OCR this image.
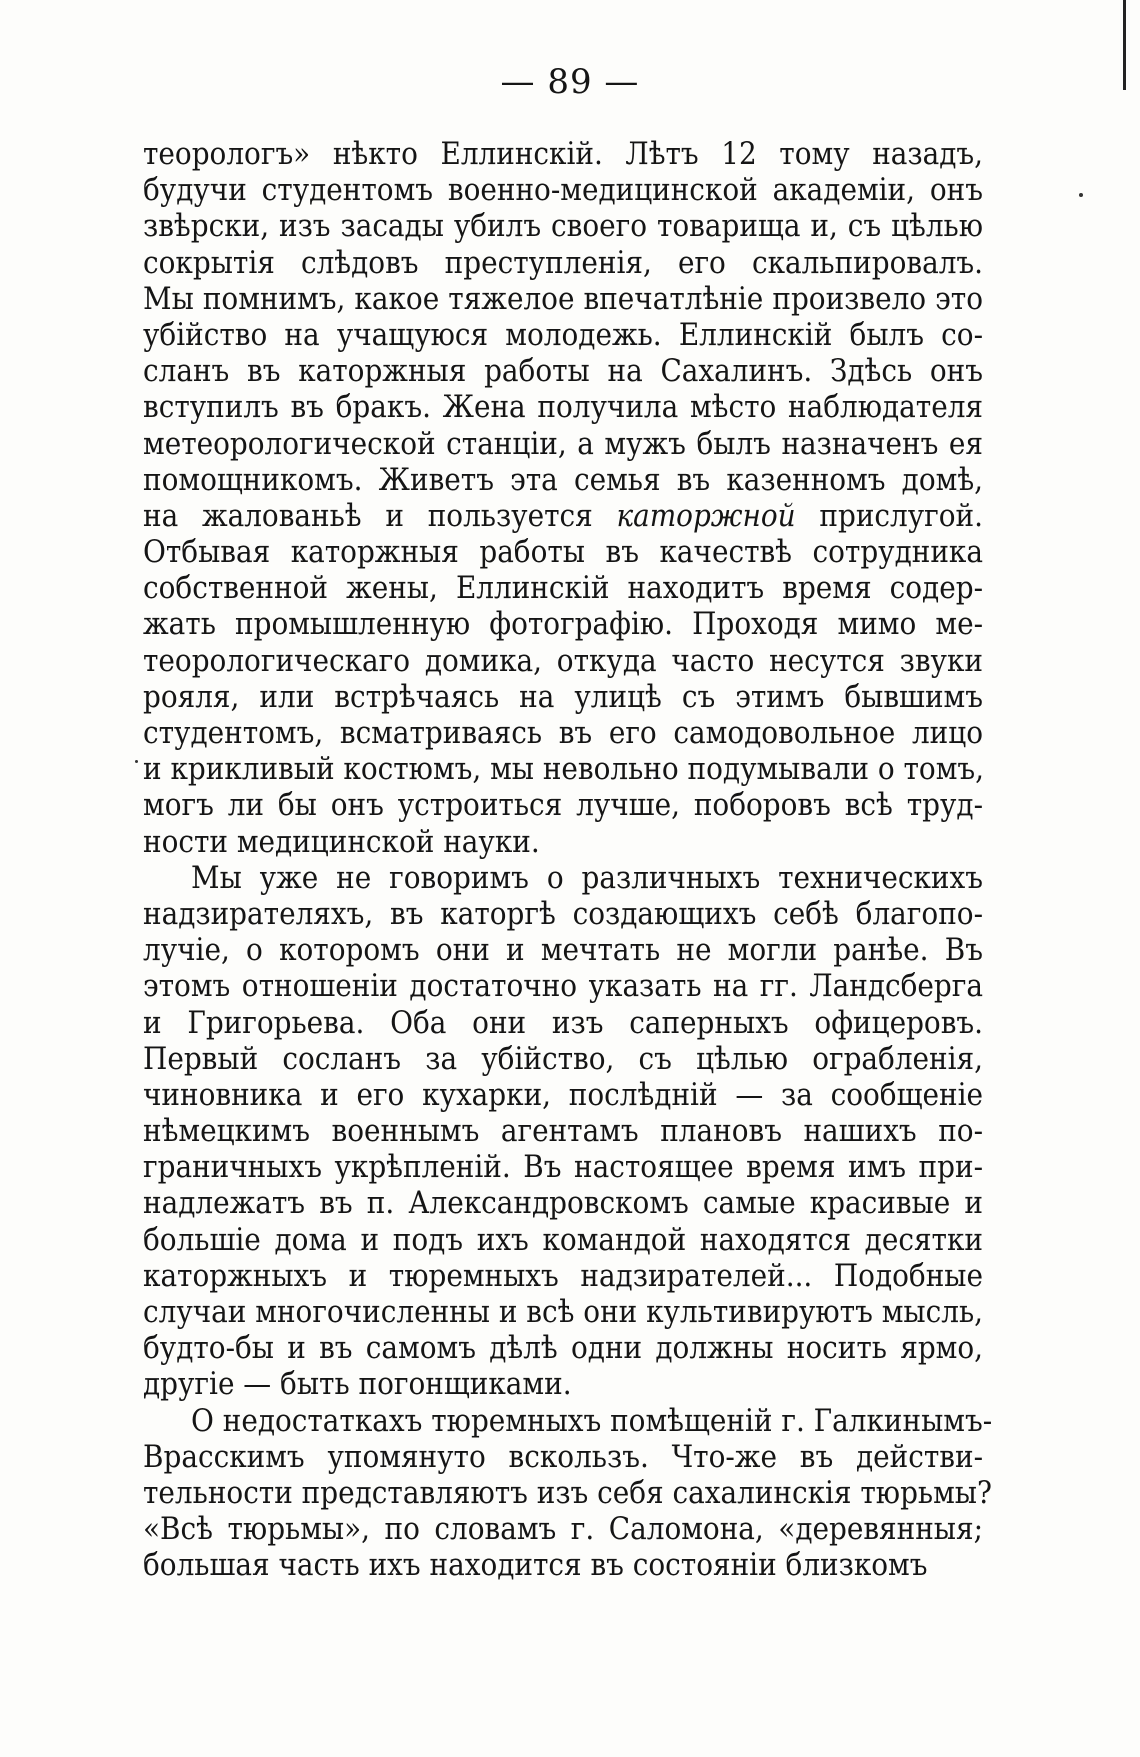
— 89 —
теорологъ» нѣкто Еллинскій. Лѣтъ 12 тому назадъ,
будучи студентомъ военно-медицинской академіи, онъ
звѣрски, изъ засады убилъ своего товарища и, съ цѣлью
сокрытія слѣдовъ преступленія, его скальпировалъ.
Мы помнимъ, какое тяжелое впечатлѣніе произвело это
убійство на учащуюся молодежь. Еллинскій былъ со-
сланъ въ каторжныя работы на Сахалинъ. Здѣсь онъ
вступилъ въ бракъ. Жена получила мѣсто наблюдателя
метеорологической станціи, а мужъ былъ назначенъ ея
помощникомъ. Живетъ эта семья въ казенномъ домѣ,
на жалованьѣ и пользуется каторжной прислугой.
Отбывая каторжныя работы въ качествѣ сотрудника
собственной жены, Еллинскій находитъ время содер-
жать промышленную фотографію. Проходя мимо ме-
теорологическаго домика, откуда часто несутся звуки
рояля, или встрѣчаясь на улицѣ съ этимъ бывшимъ
студентомъ, всматриваясь въ его самодовольное лицо
и крикливый костюмъ, мы невольно подумывали о томъ,
могъ ли бы онъ устроиться лучше, поборовъ всѣ труд-
ности медицинской науки.
Мы уже не говоримъ о различныхъ техническихъ
надзирателяхъ, въ каторгѣ создающихъ себѣ благопо-
лучіе, о которомъ они и мечтать не могли ранѣе. Въ
этомъ отношеніи достаточно указать на гг. Ландсберга
и Григорьева. Оба они изъ саперныхъ офицеровъ.
Первый сосланъ за убійство, съ цѣлью ограбленія,
чиновника и его кухарки, послѣдній — за сообщеніе
нѣмецкимъ военнымъ агентамъ плановъ нашихъ по-
граничныхъ укрѣпленій. Въ настоящее время имъ при-
надлежатъ въ п. Александровскомъ самые красивые и
большіе дома и подъ ихъ командой находятся десятки
каторжныхъ и тюремныхъ надзирателей... Подобные
случаи многочисленны и всѣ они культивируютъ мысль,
будто-бы и въ самомъ дѣлѣ одни должны носить ярмо,
другіе — быть погонщиками.
О недостаткахъ тюремныхъ помѣщеній г. Галкинымъ-
Врасскимъ упомянуто вскользъ. Что-же въ действи-
тельности представляютъ изъ себя сахалинскія тюрьмы?
«Всѣ тюрьмы», по словамъ г. Саломона, «деревянныя;
большая часть ихъ находится въ состояніи близкомъ
